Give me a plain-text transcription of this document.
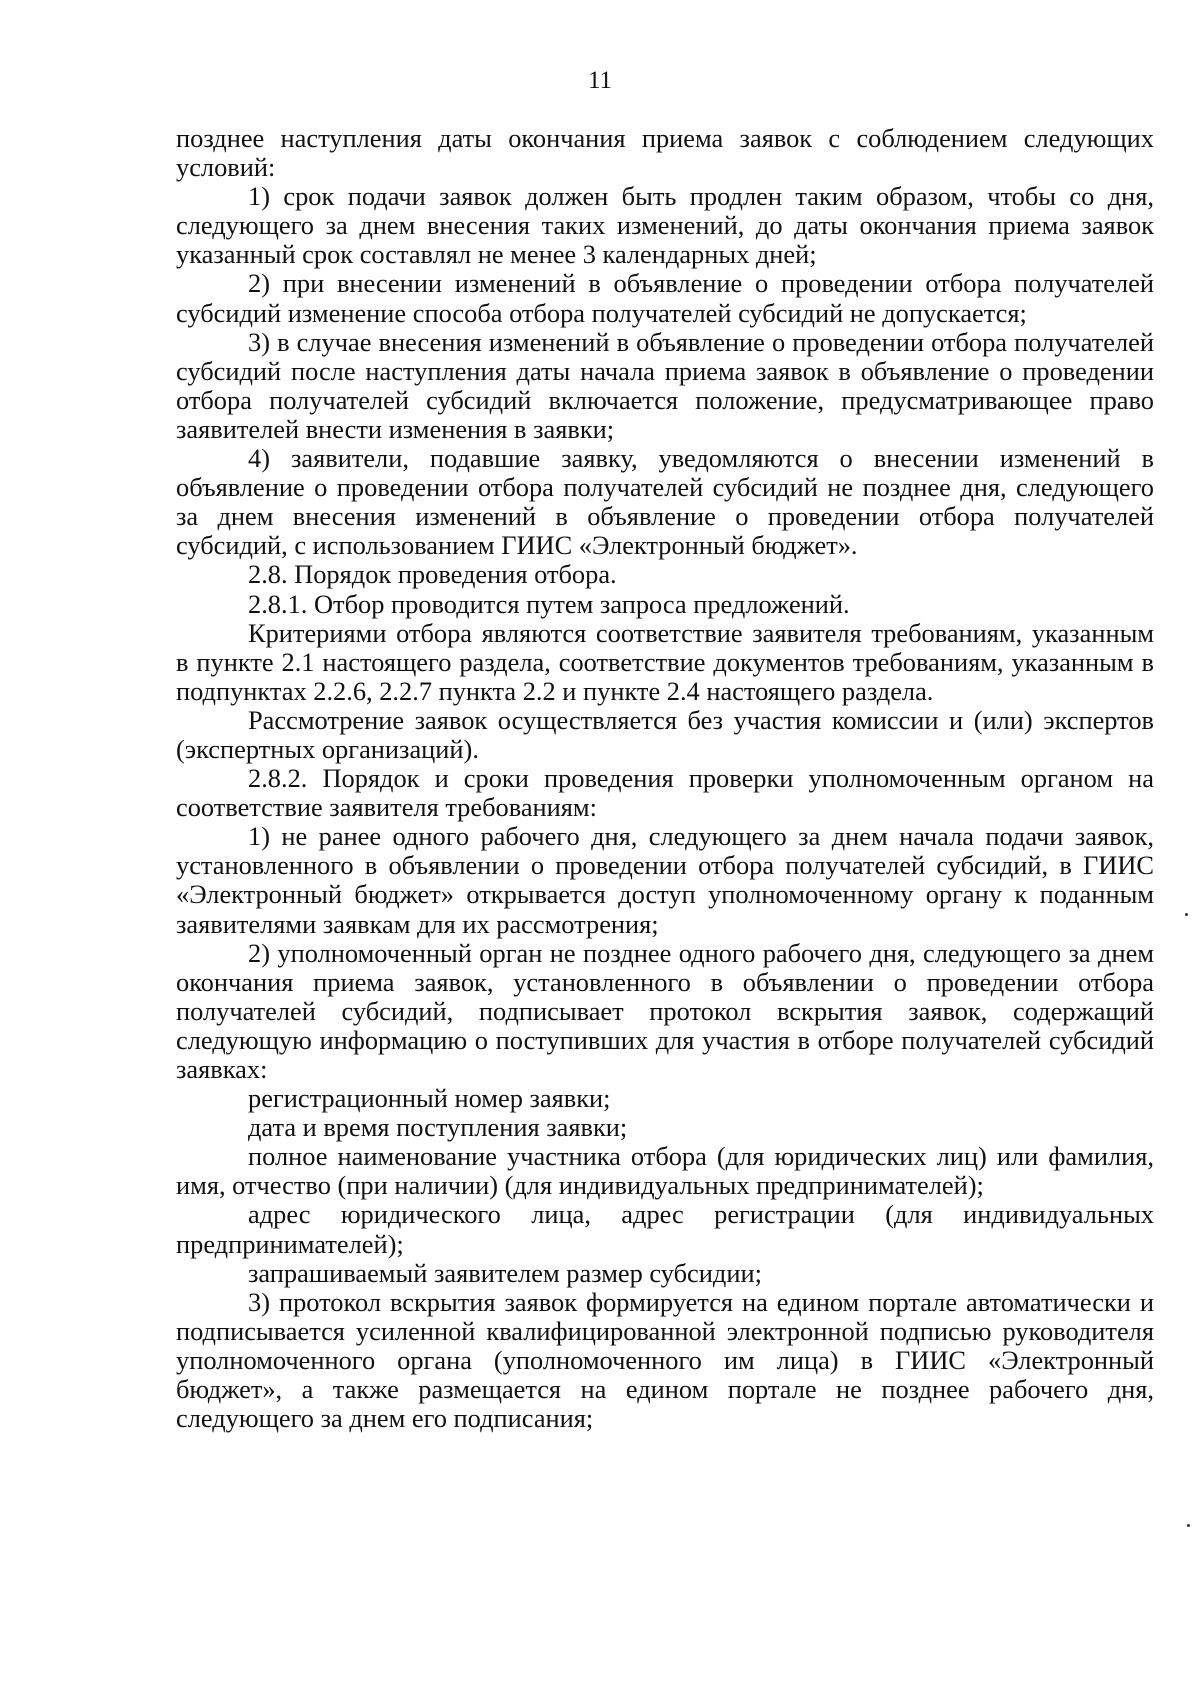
11

позднее наступления даты окончания приема заявок с соблюдением следующих условий:

1) срок подачи заявок должен быть продлен таким образом, чтобы со дня, следующего за днем внесения таких изменений, до даты окончания приема заявок указанный срок составлял не менее 3 календарных дней;

2) при внесении изменений в объявление о проведении отбора получателей субсидий изменение способа отбора получателей субсидий не допускается;

3) в случае внесения изменений в объявление о проведении отбора получателей субсидий после наступления даты начала приема заявок в объявление о проведении отбора получателей субсидий включается положение, предусматривающее право заявителей внести изменения в заявки;

4) заявители, подавшие заявку, уведомляются о внесении изменений в объявление о проведении отбора получателей субсидий не позднее дня, следующего за днем внесения изменений в объявление о проведении отбора получателей субсидий, с использованием ГИИС «Электронный бюджет».

2.8. Порядок проведения отбора.

2.8.1. Отбор проводится путем запроса предложений.

Критериями отбора являются соответствие заявителя требованиям, указанным в пункте 2.1 настоящего раздела, соответствие документов требованиям, указанным в подпунктах 2.2.6, 2.2.7 пункта 2.2 и пункте 2.4 настоящего раздела.

Рассмотрение заявок осуществляется без участия комиссии и (или) экспертов (экспертных организаций).

2.8.2. Порядок и сроки проведения проверки уполномоченным органом на соответствие заявителя требованиям:

1) не ранее одного рабочего дня, следующего за днем начала подачи заявок, установленного в объявлении о проведении отбора получателей субсидий, в ГИИС «Электронный бюджет» открывается доступ уполномоченному органу к поданным заявителями заявкам для их рассмотрения;

2) уполномоченный орган не позднее одного рабочего дня, следующего за днем окончания приема заявок, установленного в объявлении о проведении отбора получателей субсидий, подписывает протокол вскрытия заявок, содержащий следующую информацию о поступивших для участия в отборе получателей субсидий заявках:

регистрационный номер заявки;

дата и время поступления заявки;

полное наименование участника отбора (для юридических лиц) или фамилия, имя, отчество (при наличии) (для индивидуальных предпринимателей);

адрес юридического лица, адрес регистрации (для индивидуальных предпринимателей);

запрашиваемый заявителем размер субсидии;

3) протокол вскрытия заявок формируется на едином портале автоматически и подписывается усиленной квалифицированной электронной подписью руководителя уполномоченного органа (уполномоченного им лица) в ГИИС «Электронный бюджет», а также размещается на едином портале не позднее рабочего дня, следующего за днем его подписания;
